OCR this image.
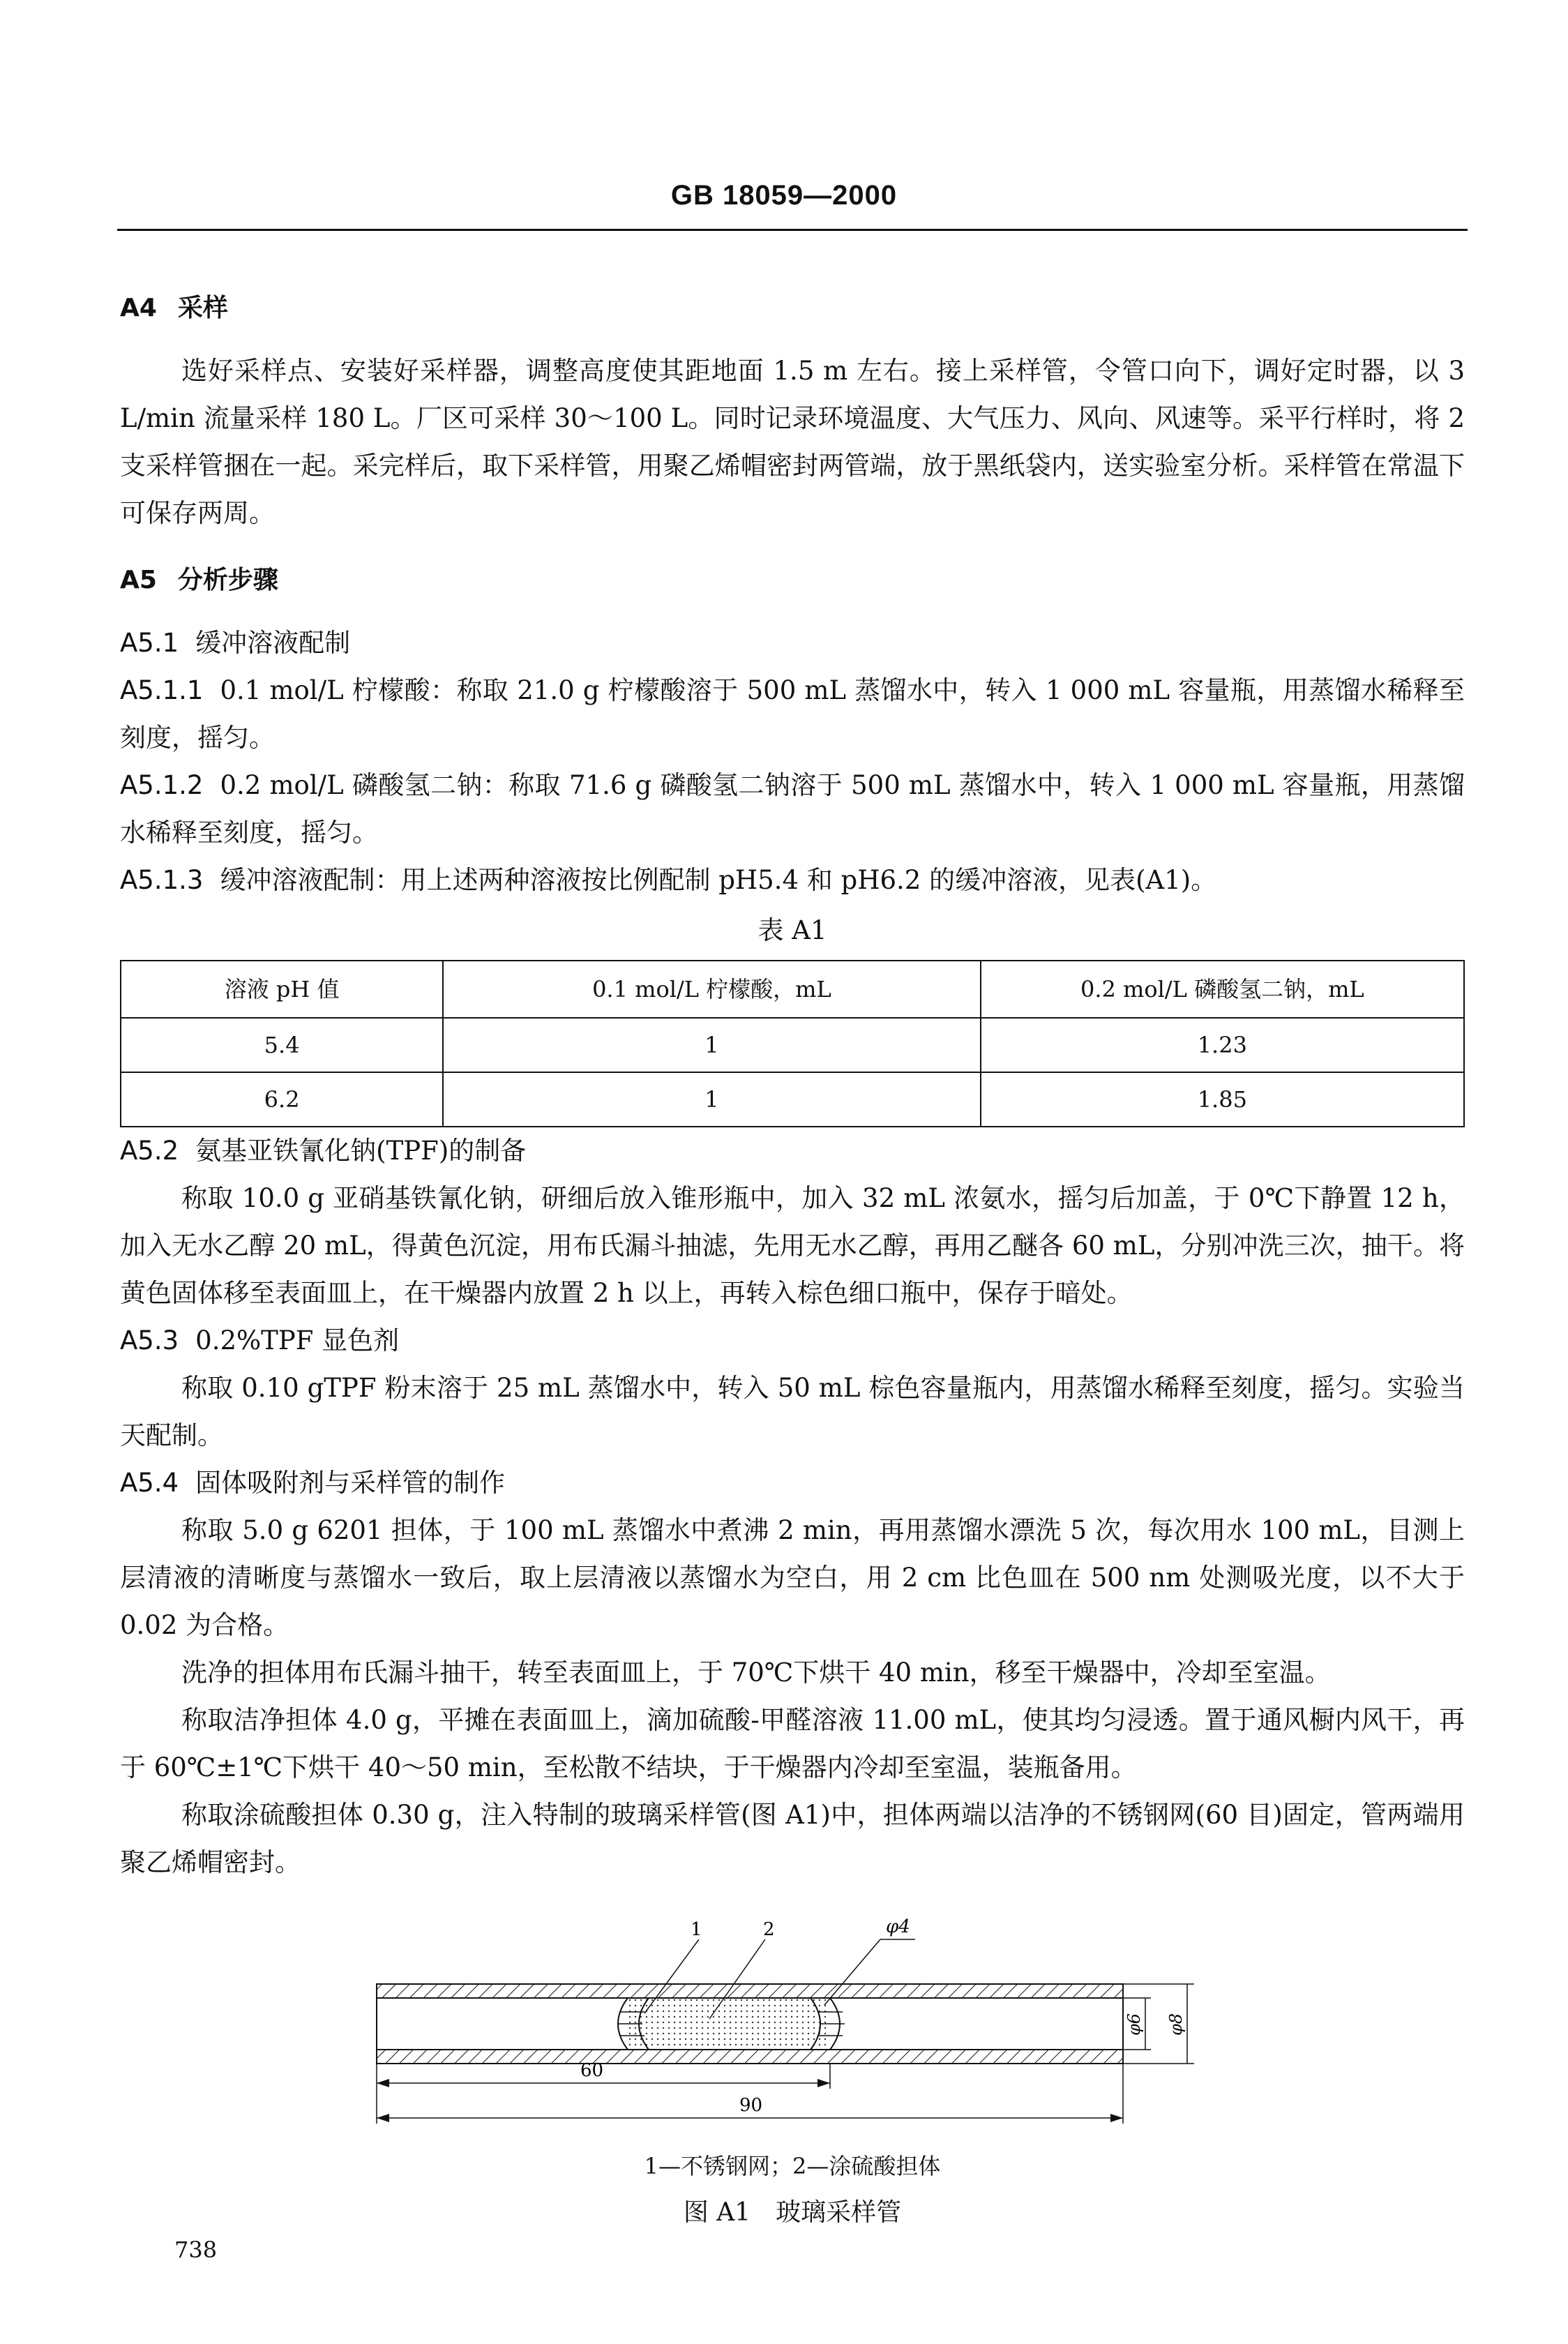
GB 18059—2000
A4 采样

选好采样点、安装好采样器，调整高度使其距地面 1.5 m 左右。接上采样管，令管口向下，调好定时器，以 3 L/min 流量采样 180 L。厂区可采样 30～100 L。同时记录环境温度、大气压力、风向、风速等。采平行样时，将 2 支采样管捆在一起。采完样后，取下采样管，用聚乙烯帽密封两管端，放于黑纸袋内，送实验室分析。采样管在常温下可保存两周。

A5 分析步骤

A5.1 缓冲溶液配制

A5.1.1 0.1 mol/L 柠檬酸：称取 21.0 g 柠檬酸溶于 500 mL 蒸馏水中，转入 1 000 mL 容量瓶，用蒸馏水稀释至刻度，摇匀。

A5.1.2 0.2 mol/L 磷酸氢二钠：称取 71.6 g 磷酸氢二钠溶于 500 mL 蒸馏水中，转入 1 000 mL 容量瓶，用蒸馏水稀释至刻度，摇匀。

A5.1.3 缓冲溶液配制：用上述两种溶液按比例配制 pH5.4 和 pH6.2 的缓冲溶液，见表(A1)。

表 A1
溶液 pH 值	0.1 mol/L 柠檬酸，mL	0.2 mol/L 磷酸氢二钠，mL
5.4	1	1.23
6.2	1	1.85

A5.2 氨基亚铁氰化钠(TPF)的制备

称取 10.0 g 亚硝基铁氰化钠，研细后放入锥形瓶中，加入 32 mL 浓氨水，摇匀后加盖，于 0℃下静置 12 h，加入无水乙醇 20 mL，得黄色沉淀，用布氏漏斗抽滤，先用无水乙醇，再用乙醚各 60 mL，分别冲洗三次，抽干。将黄色固体移至表面皿上，在干燥器内放置 2 h 以上，再转入棕色细口瓶中，保存于暗处。

A5.3 0.2%TPF 显色剂

称取 0.10 gTPF 粉末溶于 25 mL 蒸馏水中，转入 50 mL 棕色容量瓶内，用蒸馏水稀释至刻度，摇匀。实验当天配制。

A5.4 固体吸附剂与采样管的制作

称取 5.0 g 6201 担体，于 100 mL 蒸馏水中煮沸 2 min，再用蒸馏水漂洗 5 次，每次用水 100 mL，目测上层清液的清晰度与蒸馏水一致后，取上层清液以蒸馏水为空白，用 2 cm 比色皿在 500 nm 处测吸光度，以不大于 0.02 为合格。

洗净的担体用布氏漏斗抽干，转至表面皿上，于 70℃下烘干 40 min，移至干燥器中，冷却至室温。

称取洁净担体 4.0 g，平摊在表面皿上，滴加硫酸-甲醛溶液 11.00 mL，使其均匀浸透。置于通风橱内风干，再于 60℃±1℃下烘干 40～50 min，至松散不结块，于干燥器内冷却至室温，装瓶备用。

称取涂硫酸担体 0.30 g，注入特制的玻璃采样管(图 A1)中，担体两端以洁净的不锈钢网(60 目)固定，管两端用聚乙烯帽密封。

1	2	φ4
φ6 φ8
60
90
1—不锈钢网；2—涂硫酸担体
图 A1　玻璃采样管
738
